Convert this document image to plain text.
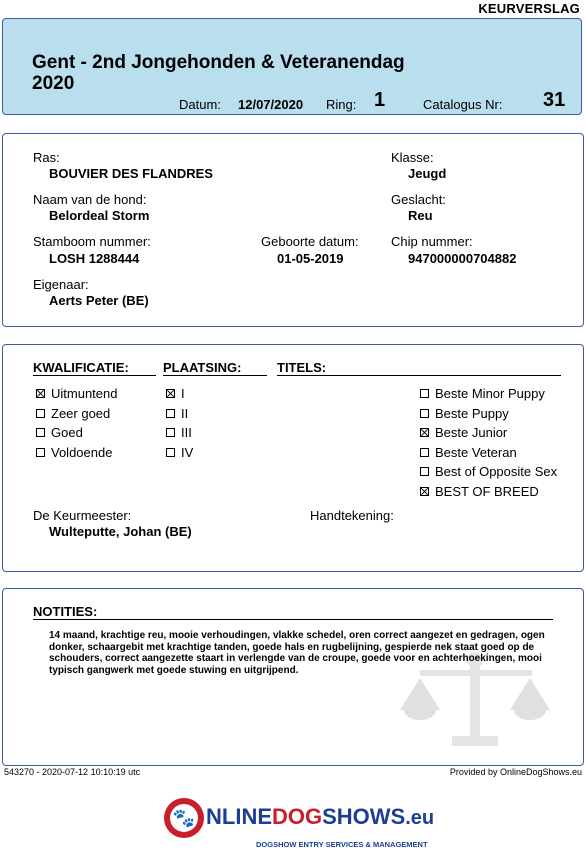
KEURVERSLAG
Gent - 2nd Jongehonden & Veteranendag
2020
Datum: 12/07/2020 Ring: 1	Catalogus Nr: 31
Ras:
BOUVIER DES FLANDRES
Klasse:
Jeugd
Naam van de hond:
Belordeal Storm
Geslacht:
Reu
Stamboom nummer:
LOSH 1288444
Geboorte datum:
01-05-2019
Chip nummer:
947000000704882
Eigenaar:
Aerts Peter (BE)
KWALIFICATIE:	PLAATSING:	TITELS:
Uitmuntend
Zeer goed
Goed
Voldoende
I
II
III
IV
Beste Minor Puppy
Beste Puppy
Beste Junior
Beste Veteran
Best of Opposite Sex
BEST OF BREED
De Keurmeester:
Wulteputte, Johan (BE)
Handtekening:
NOTITIES:
14 maand, krachtige reu, mooie verhoudingen, vlakke schedel, oren correct aangezet en gedragen, ogen donker, schaargebit met krachtige tanden, goede hals en rugbelijning, gespierde nek staat goed op de schouders, correct aangezette staart in verlengde van de croupe, goede voor en achterhoekingen, mooi typisch gangwerk met goede stuwing en uitgrijpend.
543270 - 2020-07-12 10:10:19 utc	Provided by OnlineDogShows.eu
🐾 NLINEDOGSHOWS.eu
DOGSHOW ENTRY SERVICES & MANAGEMENT
